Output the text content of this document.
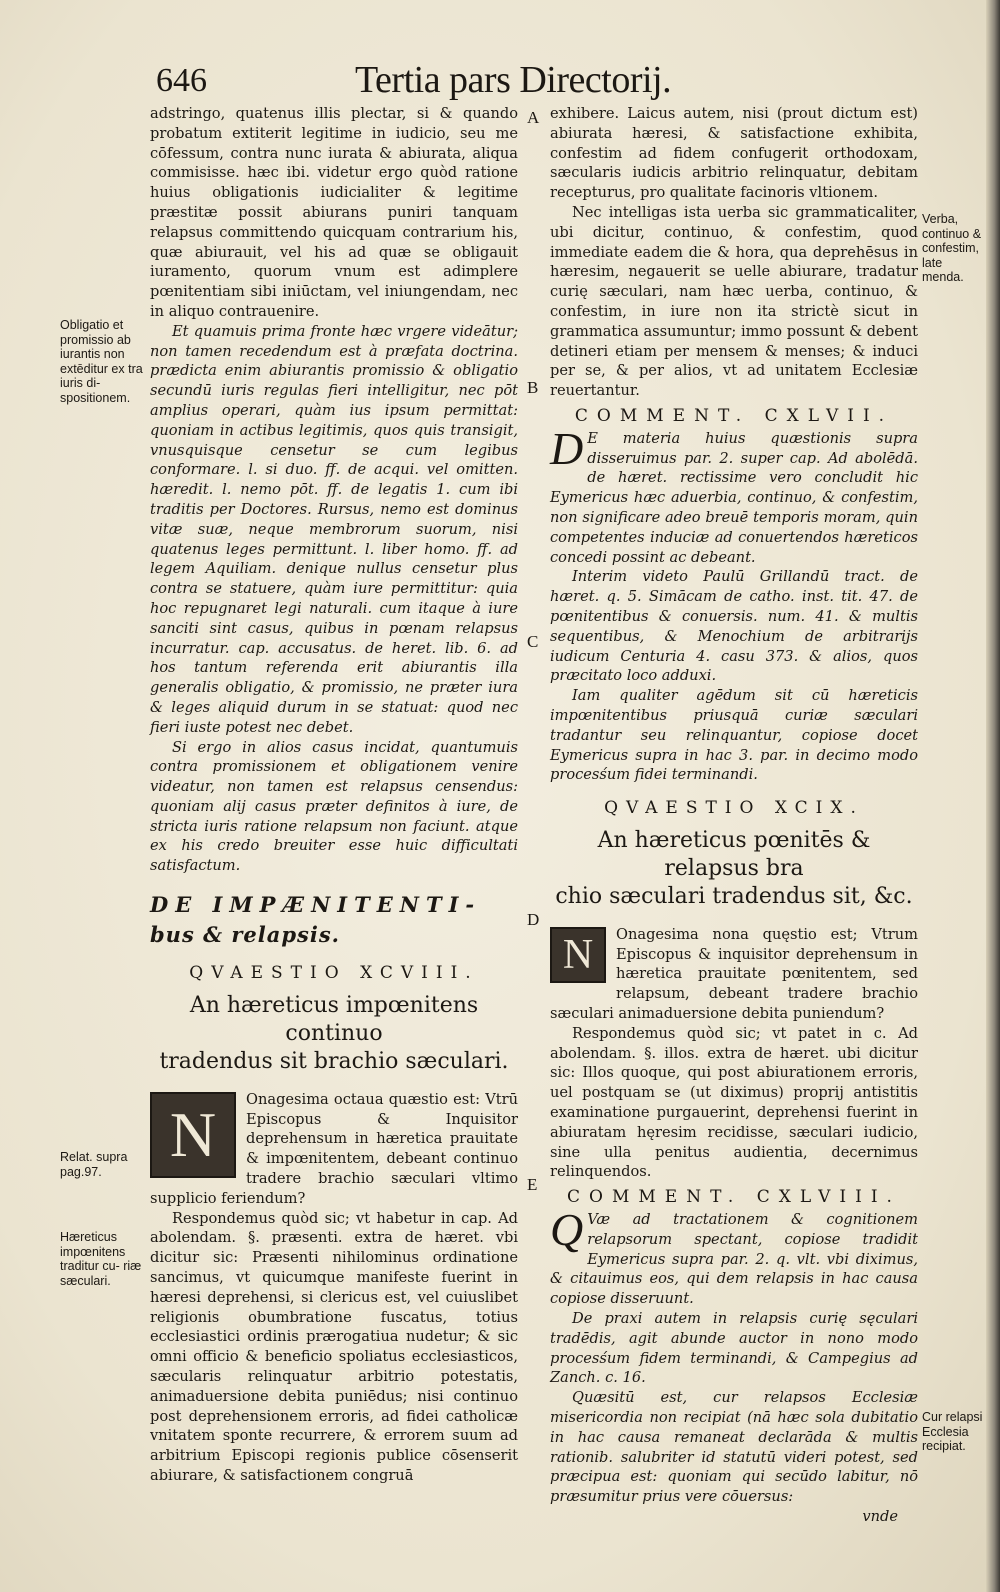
646	Tertia pars Directorij.
A
B
C
D
E
Obligatio et promissio ab iurantis non extēditur ex tra iuris di- spositionem.
Relat. supra pag.97.
Hæreticus impœnitens traditur cu- riæ sæculari.
Verba, continuo & confestim, late menda.
Cur relapsi Ecclesia recipiat.

adstringo, quatenus illis plectar, si & quando probatum extiterit legitime in iudicio, seu me cōfessum, contra nunc iurata & abiurata, aliqua commisisse. hæc ibi. videtur ergo quòd ratione huius obligationis iudicialiter & legitime præstitæ possit abiurans puniri tanquam relapsus committendo quicquam contrarium his, quæ abiurauit, vel his ad quæ se obligauit iuramento, quorum vnum est adimplere pœnitentiam sibi iniūctam, vel iniungendam, nec in aliquo contrauenire.

Et quamuis prima fronte hæc vrgere videātur; non tamen recedendum est à præfata doctrina. prædicta enim abiurantis promissio & obligatio secundū iuris regulas fieri intelligitur, nec pōt amplius operari, quàm ius ipsum permittat: quoniam in actibus legitimis, quos quis transigit, vnusquisque censetur se cum legibus conformare. l. si duo. ff. de acqui. vel omitten. hæredit. l. nemo pōt. ff. de legatis 1. cum ibi traditis per Doctores. Rursus, nemo est dominus vitæ suæ, neque membrorum suorum, nisi quatenus leges permittunt. l. liber homo. ff. ad legem Aquiliam. denique nullus censetur plus contra se statuere, quàm iure permittitur: quia hoc repugnaret legi naturali. cum itaque à iure sanciti sint casus, quibus in pœnam relapsus incurratur. cap. accusatus. de heret. lib. 6. ad hos tantum referenda erit abiurantis illa generalis obligatio, & promissio, ne præter iura & leges aliquid durum in se statuat: quod nec fieri iuste potest nec debet.

Si ergo in alios casus incidat, quantumuis contra promissionem et obligationem venire videatur, non tamen est relapsus censendus: quoniam alij casus præter definitos à iure, de stricta iuris ratione relapsum non faciunt. atque ex his credo breuiter esse huic difficultati satisfactum.

DE IMPÆNITENTI-
bus & relapsis.
QVAESTIO XCVIII.
An hæreticus impœnitens continuo
tradendus sit brachio sæculari.

N	Onagesima octaua quæstio est: Vtrū Episcopus & Inquisitor deprehensum in hæretica prauitate & impœnitentem, debeant continuo tradere brachio sæculari vltimo supplicio feriendum?

Respondemus quòd sic; vt habetur in cap. Ad abolendam. §. præsenti. extra de hæret. vbi dicitur sic: Præsenti nihilominus ordinatione sancimus, vt quicumque manifeste fuerint in hæresi deprehensi, si clericus est, vel cuiuslibet religionis obumbratione fuscatus, totius ecclesiastici ordinis prærogatiua nudetur; & sic omni officio & beneficio spoliatus ecclesiasticos, sæcularis relinquatur arbitrio potestatis, animaduersione debita puniēdus; nisi continuo post deprehensionem erroris, ad fidei catholicæ vnitatem sponte recurrere, & errorem suum ad arbitrium Episcopi regionis publice cōsenserit abiurare, & satisfactionem congruā

exhibere. Laicus autem, nisi (prout dictum est) abiurata hæresi, & satisfactione exhibita, confestim ad fidem confugerit orthodoxam, sæcularis iudicis arbitrio relinquatur, debitam recepturus, pro qualitate facinoris vltionem.

Nec intelligas ista uerba sic grammaticaliter, ubi dicitur, continuo, & confestim, quod immediate eadem die & hora, qua deprehēsus in hæresim, negauerit se uelle abiurare, tradatur curię sæculari, nam hæc uerba, continuo, & confestim, in iure non ita strictè sicut in grammatica assumuntur; immo possunt & debent detineri etiam per mensem & menses; & induci per se, & per alios, vt ad unitatem Ecclesiæ reuertantur.

COMMENT. CXLVII.

D E materia huius quæstionis supra disseruimus par. 2. super cap. Ad abolēdā. de hæret. rectissime vero concludit hic Eymericus hæc aduerbia, continuo, & confestim, non significare adeo breuē temporis moram, quin competentes induciæ ad conuertendos hæreticos concedi possint ac debeant.

Interim videto Paulū Grillandū tract. de hæret. q. 5. Simācam de catho. inst. tit. 47. de pœnitentibus & conuersis. num. 41. & multis sequentibus, & Menochium de arbitrarijs iudicum Centuria 4. casu 373. & alios, quos præcitato loco adduxi.

Iam qualiter agēdum sit cū hæreticis impœnitentibus priusquā curiæ sæculari tradantur seu relinquantur, copiose docet Eymericus supra in hac 3. par. in decimo modo procesśum fidei terminandi.

QVAESTIO XCIX.
An hæreticus pœnitēs & relapsus bra
chio sæculari tradendus sit, &c.

N	Onagesima nona quęstio est; Vtrum Episcopus & inquisitor deprehensum in hæretica prauitate pœnitentem, sed relapsum, debeant tradere brachio sæculari animaduersione debita puniendum?

Respondemus quòd sic; vt patet in c. Ad abolendam. §. illos. extra de hæret. ubi dicitur sic: Illos quoque, qui post abiurationem erroris, uel postquam se (ut diximus) proprij antistitis examinatione purgauerint, deprehensi fuerint in abiuratam hęresim recidisse, sæculari iudicio, sine ulla penitus audientia, decernimus relinquendos.

COMMENT. CXLVIII.

Q Væ ad tractationem & cognitionem relapsorum spectant, copiose tradidit Eymericus supra par. 2. q. vlt. vbi diximus, & citauimus eos, qui dem relapsis in hac causa copiose disseruunt.

De praxi autem in relapsis curię sęculari tradēdis, agit abunde auctor in nono modo procesśum fidem terminandi, & Campegius ad Zanch. c. 16.

Quæsitū est, cur relapsos Ecclesiæ misericordia non recipiat (nā hæc sola dubitatio in hac causa remaneat declarāda & multis rationib. salubriter id statutū videri potest, sed præcipua est: quoniam qui secūdo labitur, nō præsumitur prius vere cōuersus:

vnde
